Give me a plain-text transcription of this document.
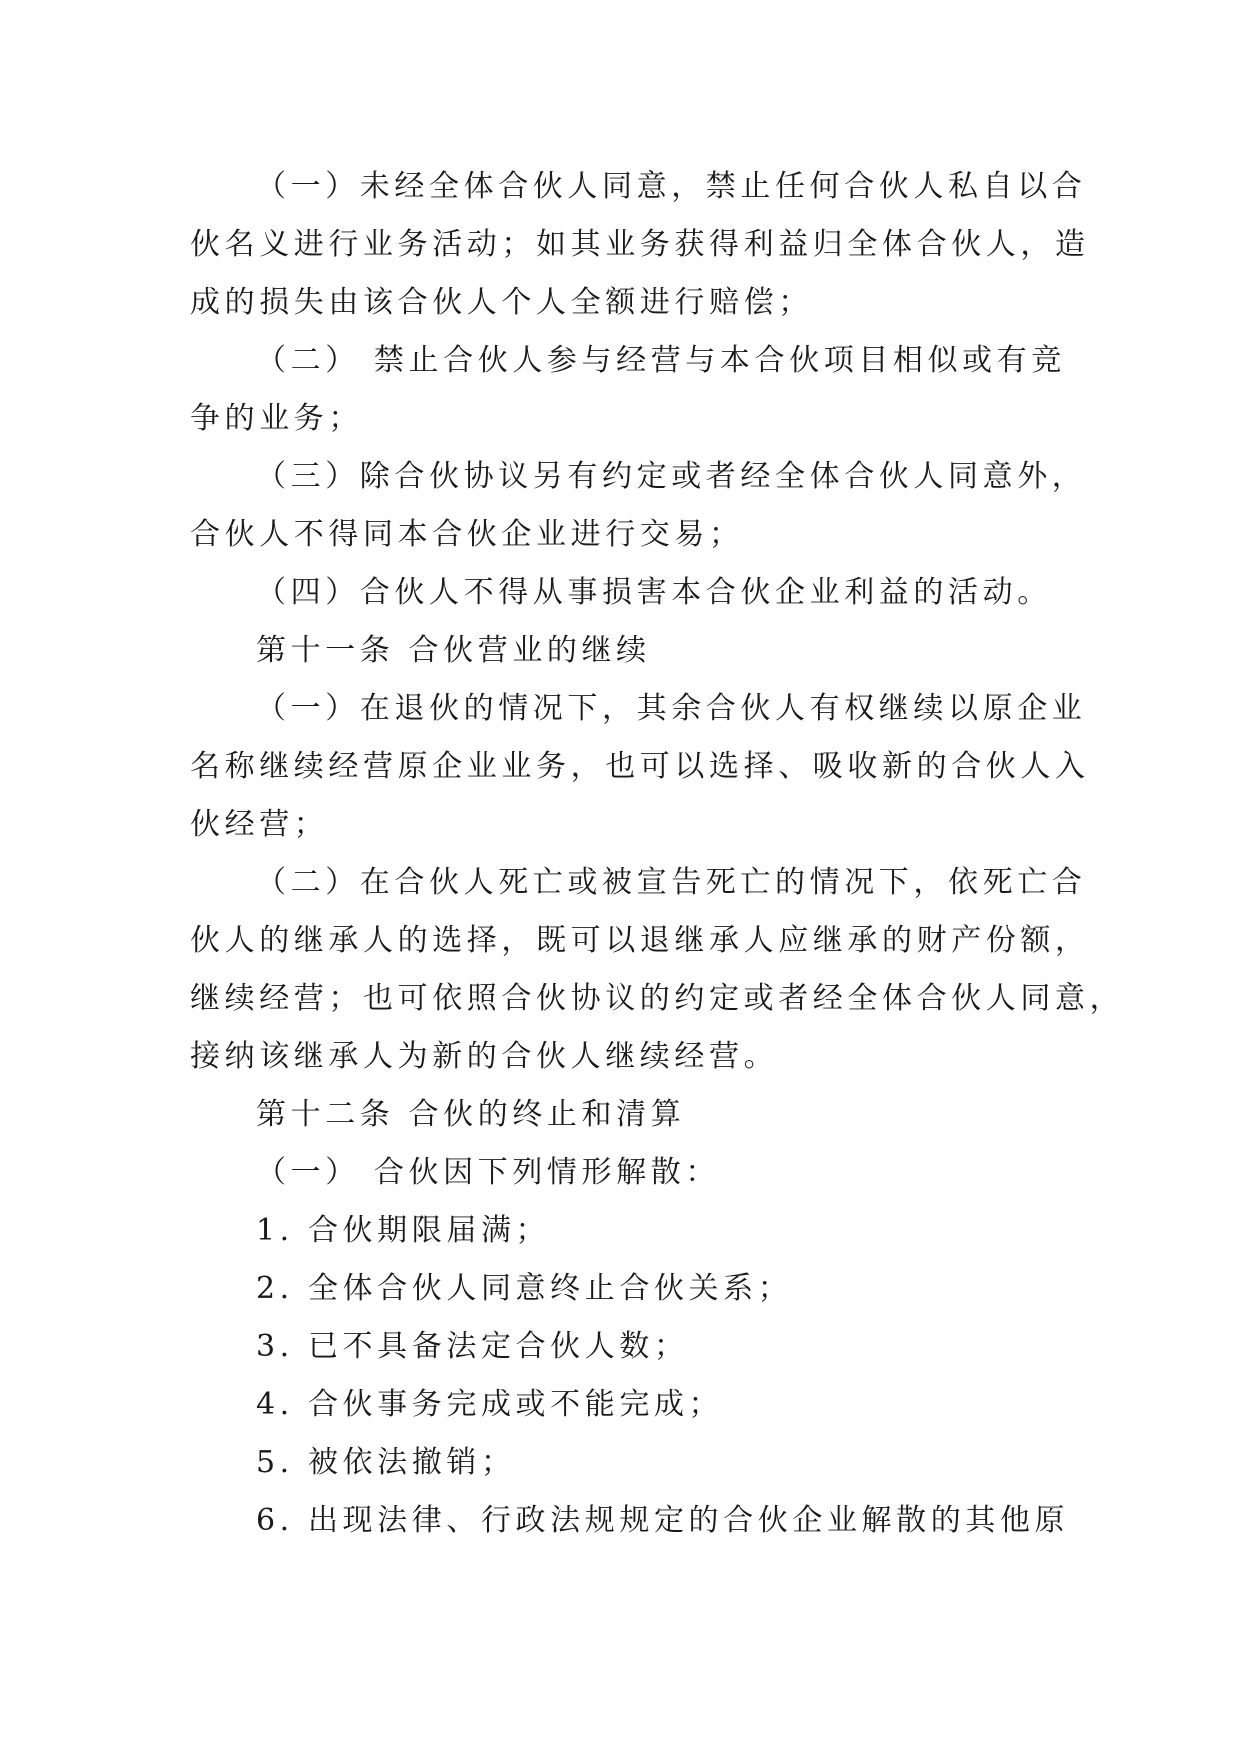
（一）未经全体合伙人同意，禁止任何合伙人私自以合
伙名义进行业务活动；如其业务获得利益归全体合伙人，造
成的损失由该合伙人个人全额进行赔偿；
（二） 禁止合伙人参与经营与本合伙项目相似或有竞
争的业务；
（三）除合伙协议另有约定或者经全体合伙人同意外，
合伙人不得同本合伙企业进行交易；
（四）合伙人不得从事损害本合伙企业利益的活动。
第十一条 合伙营业的继续
（一）在退伙的情况下，其余合伙人有权继续以原企业
名称继续经营原企业业务，也可以选择、吸收新的合伙人入
伙经营；
（二）在合伙人死亡或被宣告死亡的情况下，依死亡合
伙人的继承人的选择，既可以退继承人应继承的财产份额，
继续经营；也可依照合伙协议的约定或者经全体合伙人同意，
接纳该继承人为新的合伙人继续经营。
第十二条 合伙的终止和清算
（一） 合伙因下列情形解散：
1. 合伙期限届满；
2. 全体合伙人同意终止合伙关系；
3. 已不具备法定合伙人数；
4. 合伙事务完成或不能完成；
5. 被依法撤销；
6. 出现法律、行政法规规定的合伙企业解散的其他原
